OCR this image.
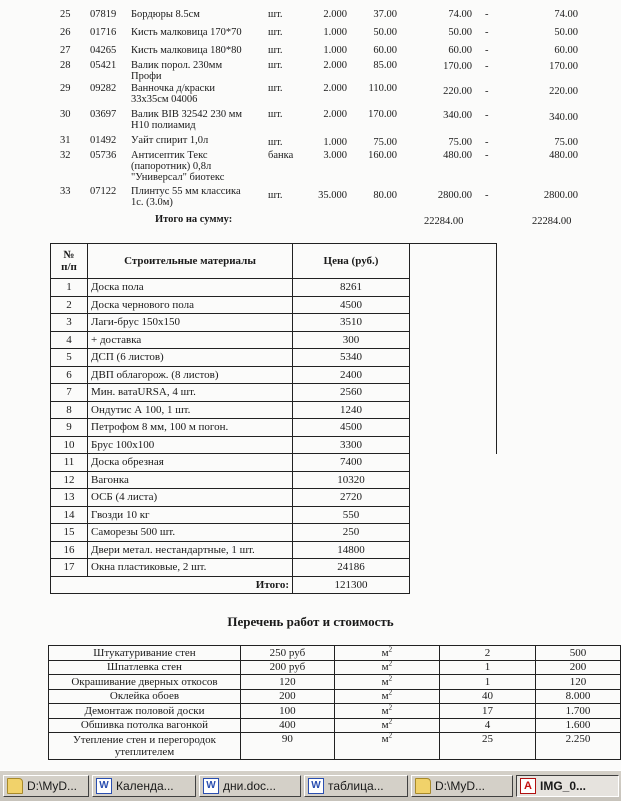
25 07819 Бордюры 8.5см	шт.	2.000	37.00	74.00 -	74.00
26 01716 Кисть малковица 170*70	шт.	1.000	50.00	50.00 -	50.00
27 04265 Кисть малковица 180*80	шт.	1.000	60.00	60.00 -	60.00
28 05421 Валик порол. 230мм
Профи
шт.	2.000	85.00	170.00 -	170.00
29 09282 Ванночка д/краски
33х35см 04006
шт.	2.000	110.00	220.00 -	220.00
30 03697 Валик ВIВ 32542 230 мм
Н10 полиамид
шт.	2.000	170.00	340.00 -	340.00
31 01492 Уайт спирит 1,0л	шт.	1.000	75.00	75.00 -	75.00
32 05736 Антисептик Текс
(папоротник) 0,8л
"Универсал" биотекс
банка	3.000	160.00	480.00 -	480.00
33 07122 Плинтус 55 мм классика
1с. (3.0м)
шт.	35.000	80.00	2800.00 -	2800.00
Итого на сумму:	22284.00	22284.00
№
п/п	Строительные материалы	Цена (руб.)	
1	Доска пола	8261	
2	Доска чернового пола	4500	
3	Лаги-брус 150х150	3510	
4	+ доставка	300	
5	ДСП (6 листов)	5340	
6	ДВП облагорож. (8 листов)	2400	
7	Мин. ватаURSA, 4 шт.	2560	
8	Ондутис А 100, 1 шт.	1240	
9	Петрофом 8 мм, 100 м погон.	4500	
10	Брус 100х100	3300	
11	Доска обрезная	7400	
12	Вагонка	10320	
13	ОСБ (4 листа)	2720	
14	Гвозди 10 кг	550	
15	Саморезы 500 шт.	250	
16	Двери метал. нестандартные, 1 шт.	14800	
17	Окна пластиковые, 2 шт.	24186	
Итого:		121300	
Перечень работ и стоимость
Штукатуривание стен	250 руб	$м^2$	2	500
Шпатлевка стен	200 руб	$м^2$	1	200
Окрашивание дверных откосов	120	$м^2$	1	120
Оклейка обоев	200	$м^2$	40	8.000
Демонтаж половой доски	100	$м^2$	17	1.700
Обшивка потолка вагонкой	400	$м^2$	4	1.600
Утепление стен и перегородок утеплителем	90	$м^2$	25	2.250
D:\MyD...	W Календа...	W дни.doc...	W таблица...	D:\MyD...	A IMG_0...
